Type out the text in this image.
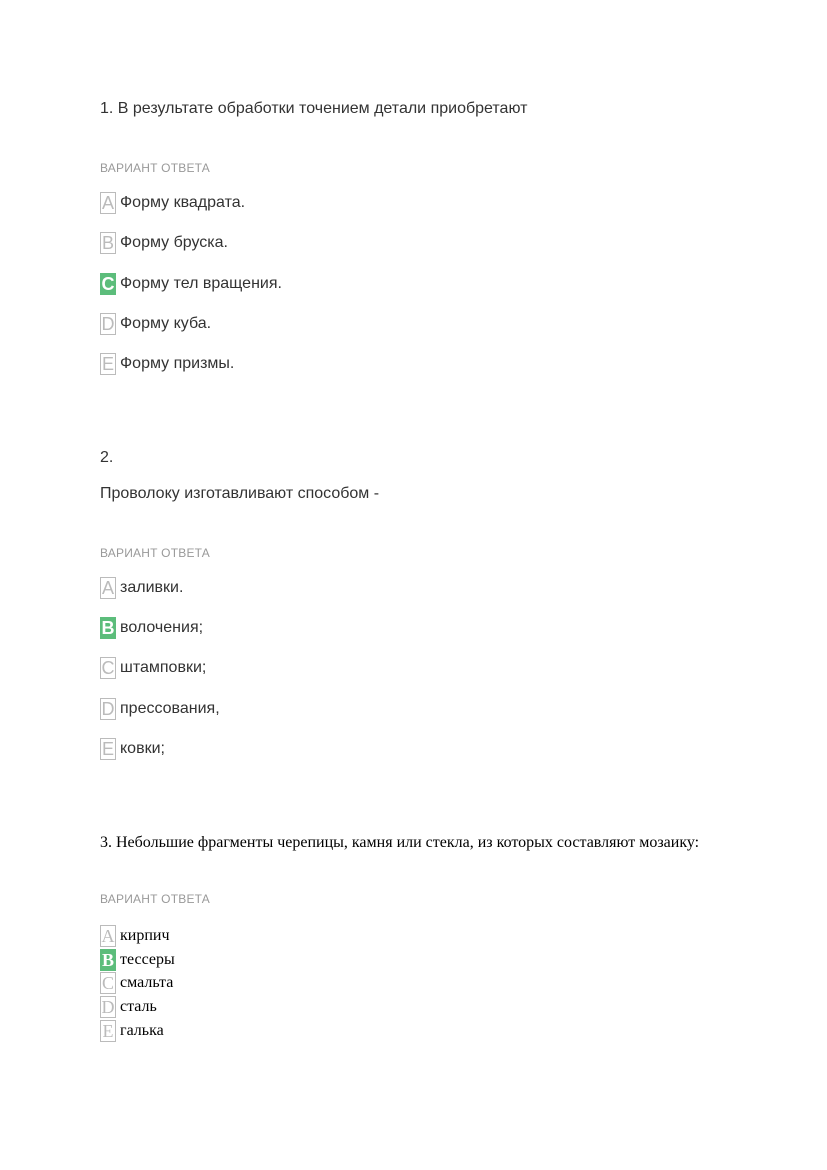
1. В результате обработки точением детали приобретают

ВАРИАНТ ОТВЕТА
A Форму квадрата.
B Форму бруска.
C Форму тел вращения.
D Форму куба.
E Форму призмы.

2.

Проволоку изготавливают способом -

ВАРИАНТ ОТВЕТА
A заливки.
B волочения;
C штамповки;
D прессования,
E ковки;

3. Небольшие фрагменты черепицы, камня или стекла, из которых составляют мозаику:

ВАРИАНТ ОТВЕТА
A кирпич
B тессеры
C смальта
D сталь
E галька
